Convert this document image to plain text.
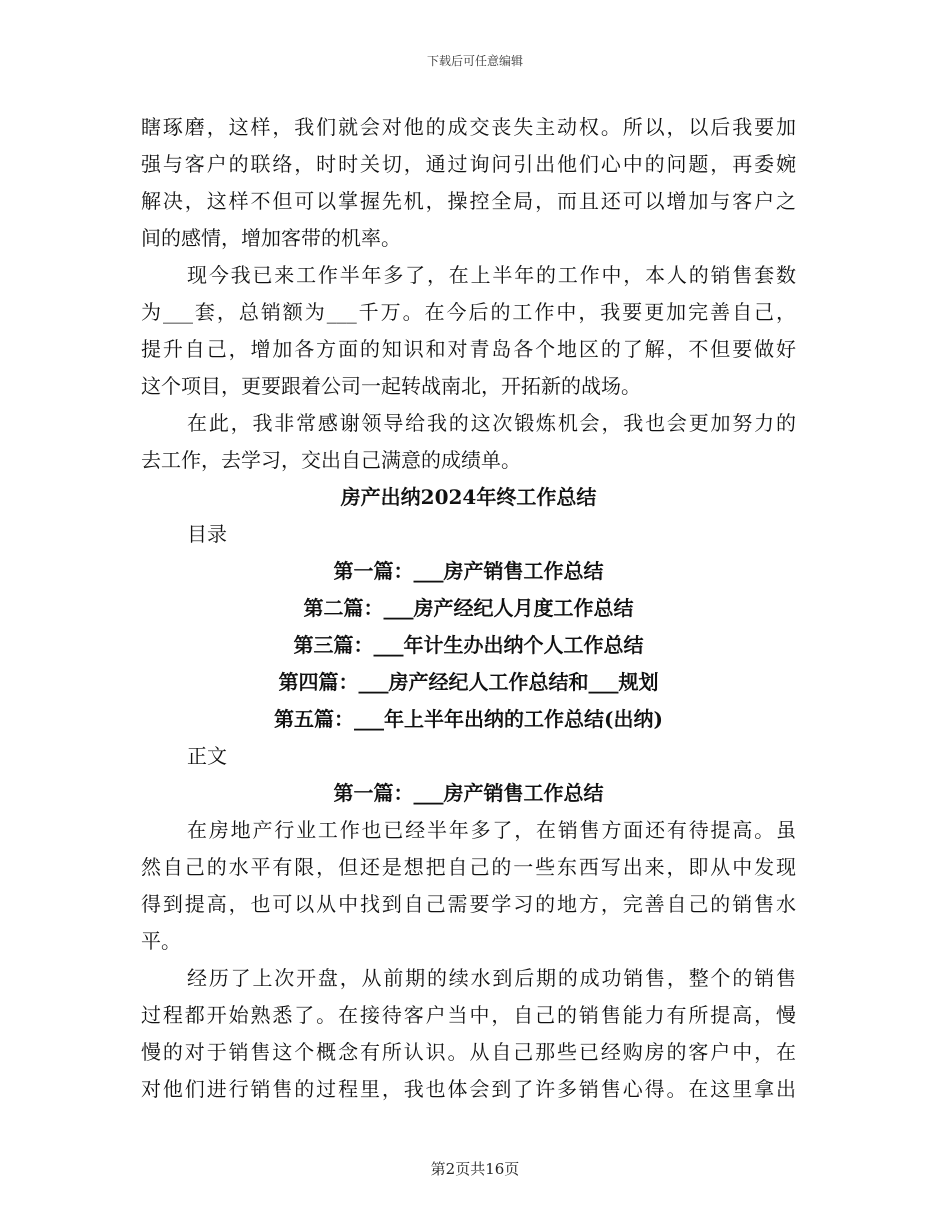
下载后可任意编辑
瞎琢磨，这样，我们就会对他的成交丧失主动权。所以，以后我要加
强与客户的联络，时时关切，通过询问引出他们心中的问题，再委婉
解决，这样不但可以掌握先机，操控全局，而且还可以增加与客户之
间的感情，增加客带的机率。
现今我已来工作半年多了，在上半年的工作中，本人的销售套数
为___套，总销额为___千万。在今后的工作中，我要更加完善自己，
提升自己，增加各方面的知识和对青岛各个地区的了解，不但要做好
这个项目，更要跟着公司一起转战南北，开拓新的战场。
在此，我非常感谢领导给我的这次锻炼机会，我也会更加努力的
去工作，去学习，交出自己满意的成绩单。
房产出纳2024年终工作总结
目录
第一篇：___房产销售工作总结
第二篇：___房产经纪人月度工作总结
第三篇：___年计生办出纳个人工作总结
第四篇：___房产经纪人工作总结和___规划
第五篇：___年上半年出纳的工作总结(出纳)
正文
第一篇：___房产销售工作总结
在房地产行业工作也已经半年多了，在销售方面还有待提高。虽
然自己的水平有限，但还是想把自己的一些东西写出来，即从中发现
得到提高，也可以从中找到自己需要学习的地方，完善自己的销售水
平。
经历了上次开盘，从前期的续水到后期的成功销售，整个的销售
过程都开始熟悉了。在接待客户当中，自己的销售能力有所提高，慢
慢的对于销售这个概念有所认识。从自己那些已经购房的客户中，在
对他们进行销售的过程里，我也体会到了许多销售心得。在这里拿出
第2页共16页
